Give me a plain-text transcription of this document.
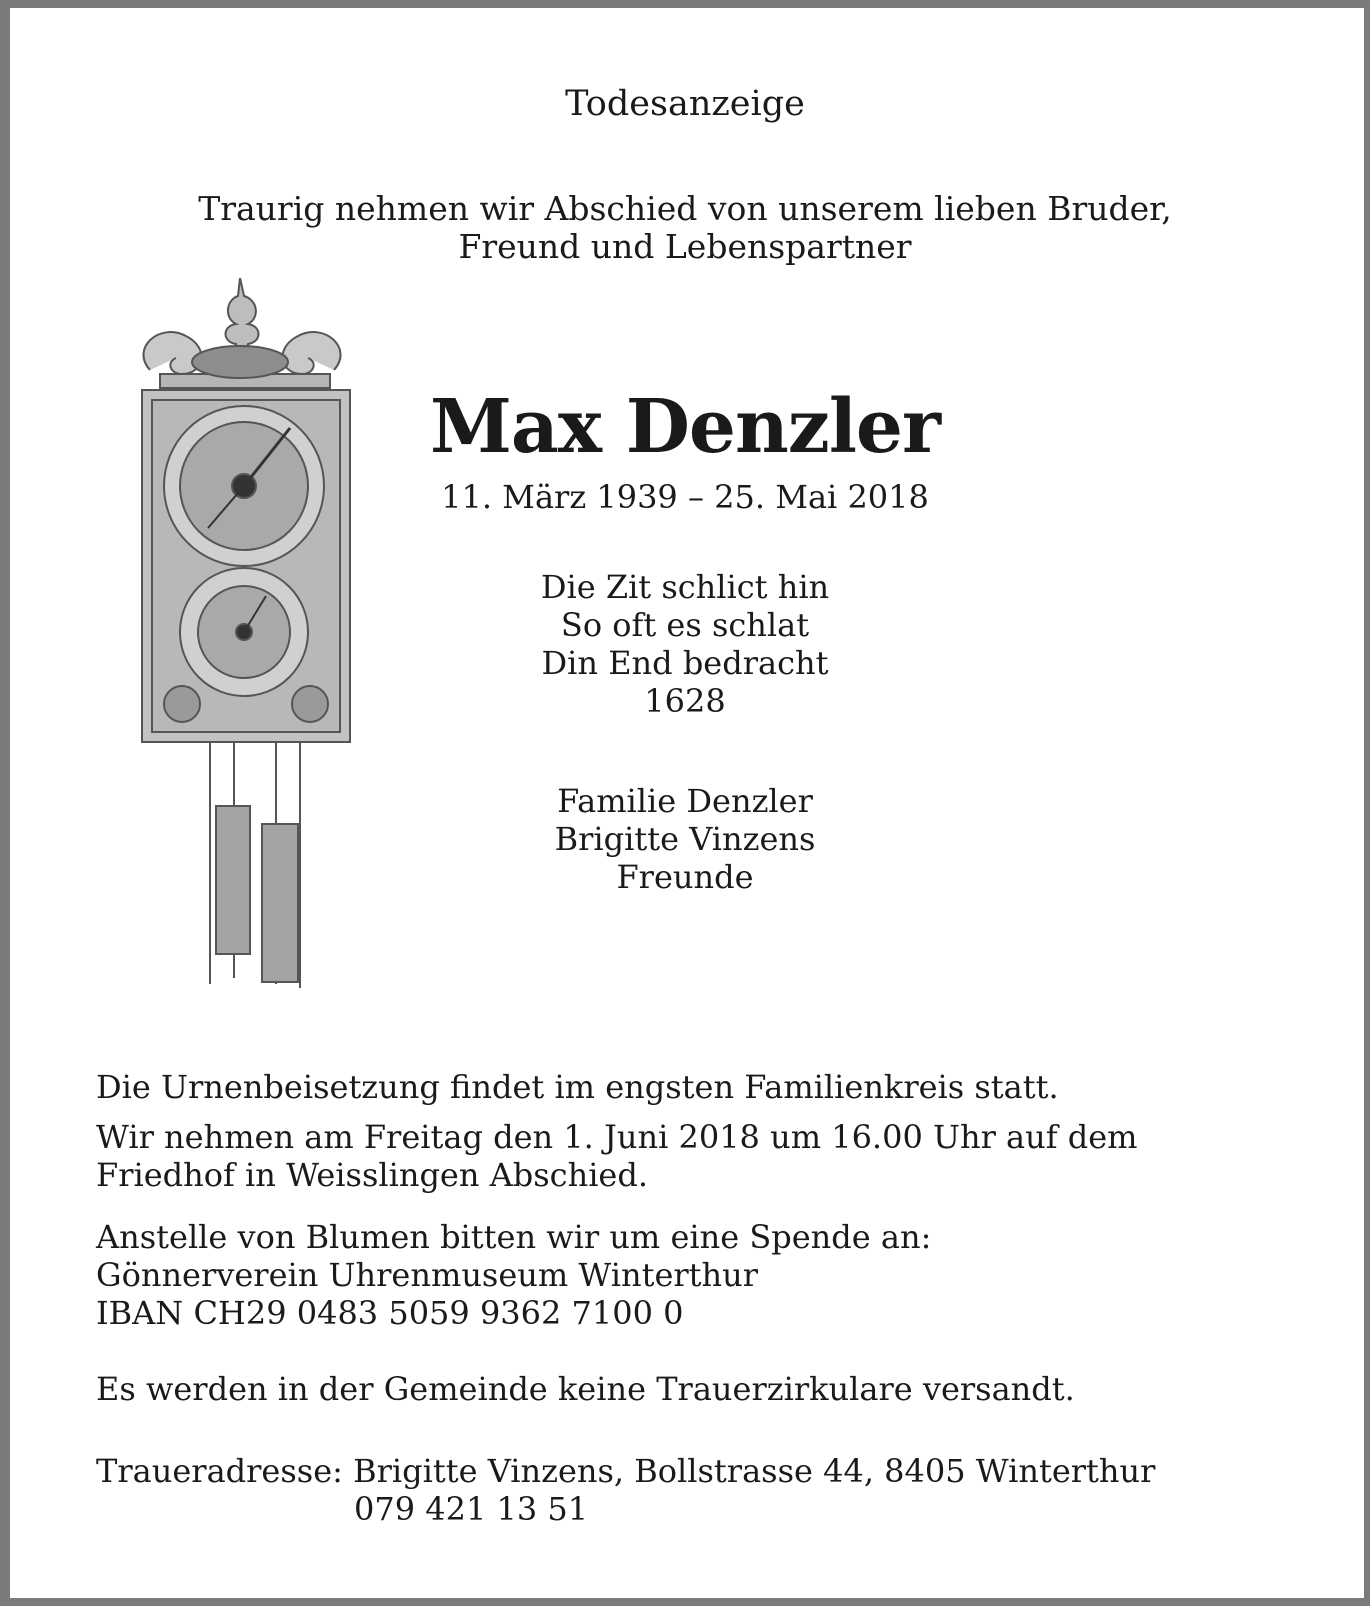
Todesanzeige
Traurig nehmen wir Abschied von unserem lieben Bruder,
Freund und Lebenspartner
Max Denzler
11. März 1939 – 25. Mai 2018
Die Zit schlict hin
So oft es schlat
Din End bedracht
1628
Familie Denzler
Brigitte Vinzens
Freunde
Die Urnenbeisetzung findet im engsten Familienkreis statt.
Wir nehmen am Freitag den 1. Juni 2018 um 16.00 Uhr auf dem
Friedhof in Weisslingen Abschied.
Anstelle von Blumen bitten wir um eine Spende an:
Gönnerverein Uhrenmuseum Winterthur
IBAN CH29 0483 5059 9362 7100 0
Es werden in der Gemeinde keine Trauerzirkulare versandt.
Traueradresse: Brigitte Vinzens, Bollstrasse 44, 8405 Winterthur
079 421 13 51
